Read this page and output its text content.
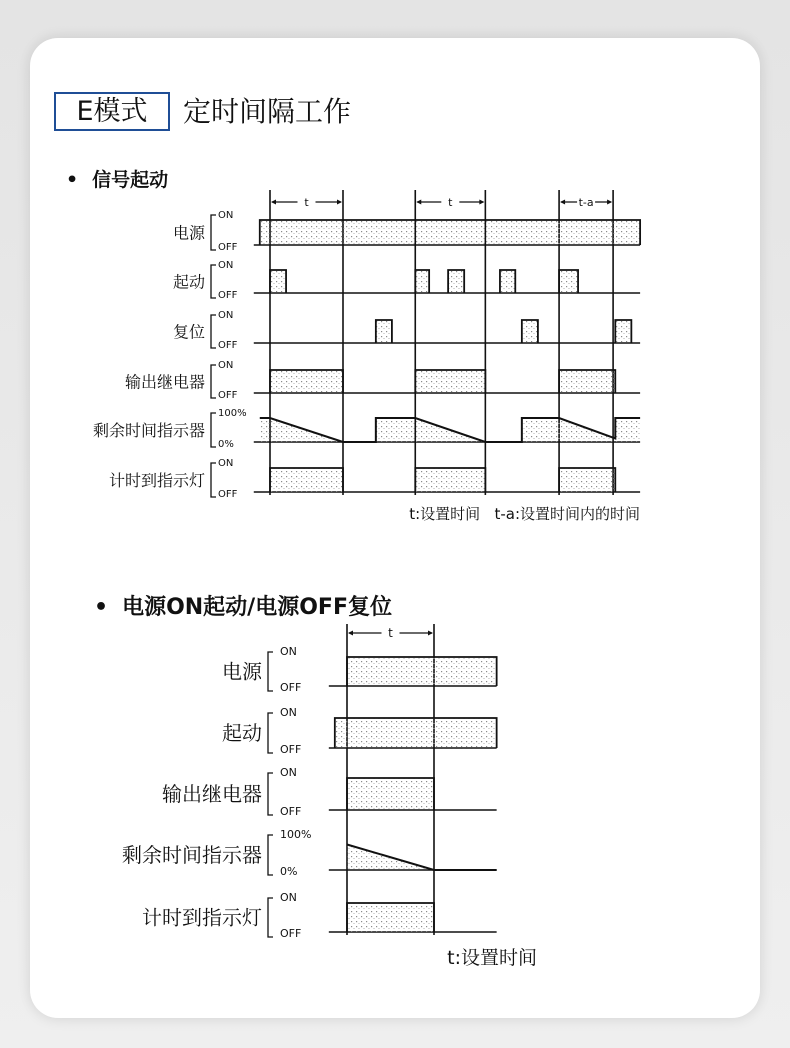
E模式	定时间隔工作
• 信号起动
• 电源ON起动/电源OFF复位
t	t	t-a
电源
ON
OFF
起动
ON
OFF
复位
ON
OFF
输出继电器
ON
OFF
剩余时间指示器
100%
0%
计时到指示灯
ON
OFF
t:设置时间   t-a:设置时间内的时间
t
电源
ON
OFF
起动
ON
OFF
输出继电器
ON
OFF
剩余时间指示器
100%
0%
计时到指示灯
ON
OFF
t:设置时间
